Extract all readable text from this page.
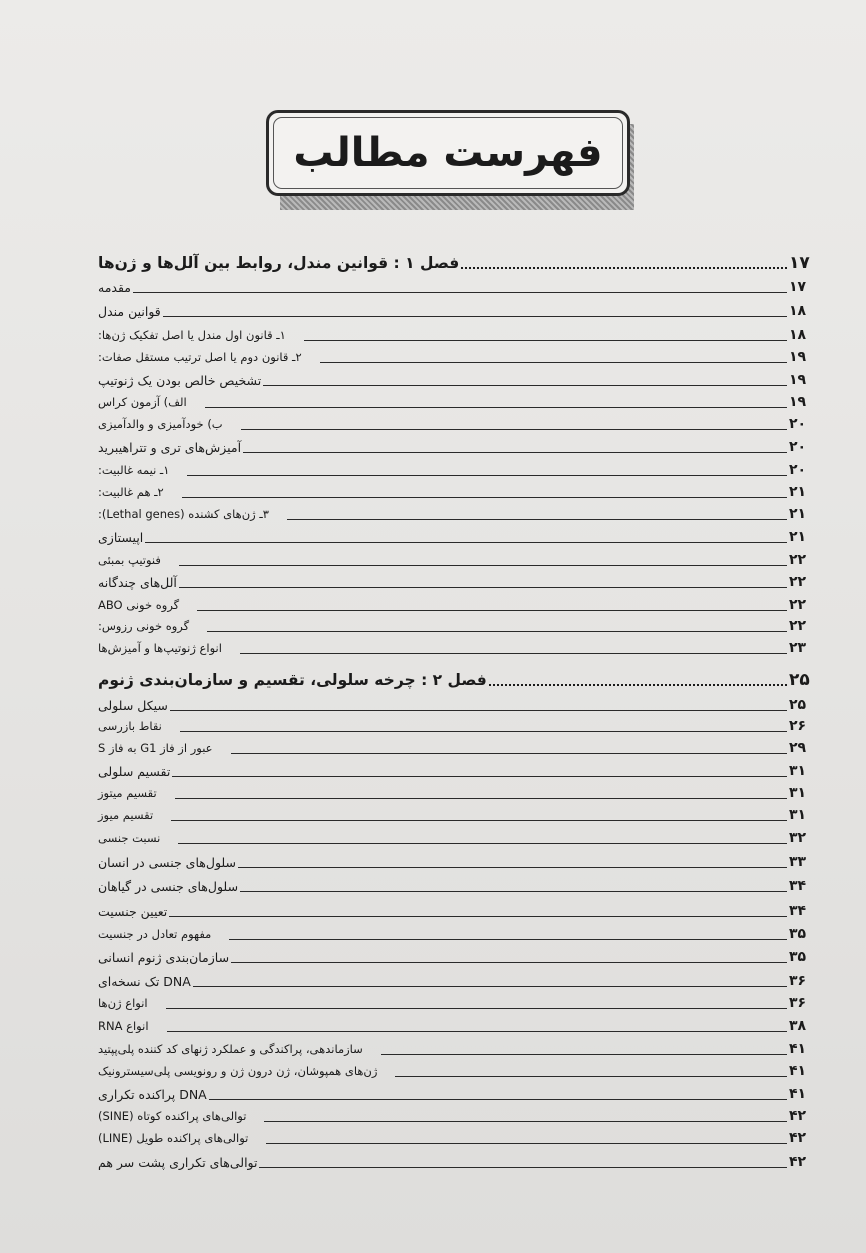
فهرست مطالب
فصل ۱ : قوانین مندل، روابط بین آلل‌ها و ژن‌ها	۱۷
مقدمه	۱۷
قوانین مندل	۱۸
۱ـ قانون اول مندل یا اصل تفکیک ژن‌ها:	۱۸
۲ـ قانون دوم یا اصل ترتیب مستقل صفات:	۱۹
تشخیص خالص بودن یک ژنوتیپ	۱۹
الف) آزمون کراس	۱۹
ب) خودآمیزی و والدآمیزی	۲۰
آمیزش‌های تری و تتراهیبرید	۲۰
۱ـ نیمه غالبیت:	۲۰
۲ـ هم غالبیت:	۲۱
۳ـ ژن‌های کشنده (Lethal genes):	۲۱
اپیستازی	۲۱
فنوتیپ بمبئی	۲۲
آلل‌های چندگانه	۲۲
گروه خونی ABO	۲۲
گروه خونی رزوس:	۲۲
انواع ژنوتیپ‌ها و آمیزش‌ها	۲۳
فصل ۲ : چرخه سلولی، تقسیم و سازمان‌بندی ژنوم	۲۵
سیکل سلولی	۲۵
نقاط بازرسی	۲۶
عبور از فاز G1 به فاز S	۲۹
تقسیم سلولی	۳۱
تقسیم میتوز	۳۱
تقسیم میوز	۳۱
نسبت جنسی	۳۲
سلول‌های جنسی در انسان	۳۳
سلول‌های جنسی در گیاهان	۳۴
تعیین جنسیت	۳۴
مفهوم تعادل در جنسیت	۳۵
سازمان‌بندی ژنوم انسانی	۳۵
DNA تک نسخه‌ای	۳۶
انواع ژن‌ها	۳۶
انواع RNA	۳۸
سازماندهی، پراکندگی و عملکرد ژنهای کد کننده پلی‌پپتید	۴۱
ژن‌های همپوشان، ژن درون ژن و رونویسی پلی‌سیسترونیک	۴۱
DNA پراکنده تکراری	۴۱
توالی‌های پراکنده کوتاه (SINE)	۴۲
توالی‌های پراکنده طویل (LINE)	۴۲
توالی‌های تکراری پشت سر هم	۴۲
